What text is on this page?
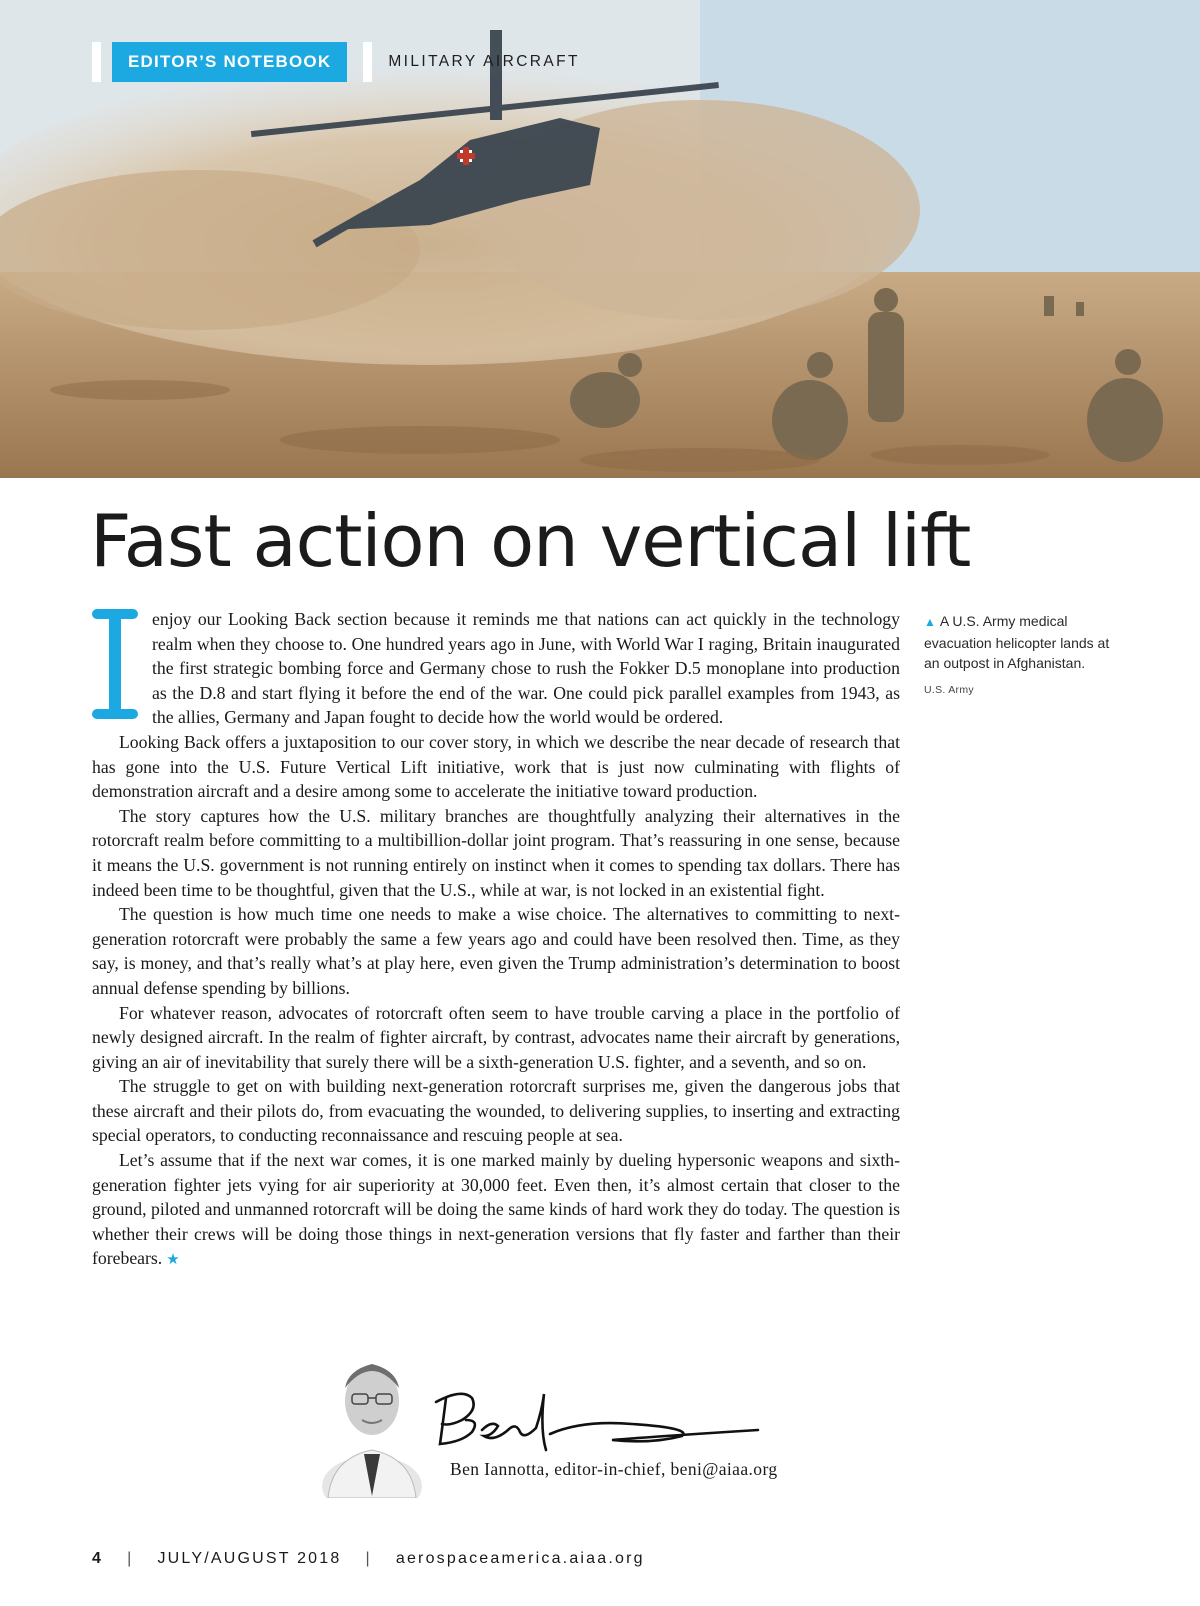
EDITOR’S NOTEBOOK	MILITARY AIRCRAFT
Fast action on vertical lift

enjoy our Looking Back section because it reminds me that nations can act quickly in the technology realm when they choose to. One hundred years ago in June, with World War I raging, Britain inaugurated the first strategic bombing force and Germany chose to rush the Fokker D.5 monoplane into production as the D.8 and start flying it before the end of the war. One could pick parallel examples from 1943, as the allies, Germany and Japan fought to decide how the world would be ordered.

Looking Back offers a juxtaposition to our cover story, in which we describe the near decade of research that has gone into the U.S. Future Vertical Lift initiative, work that is just now culminating with flights of demonstration aircraft and a desire among some to accelerate the initiative toward production.

The story captures how the U.S. military branches are thoughtfully analyzing their alternatives in the rotorcraft realm before committing to a multibillion-dollar joint program. That’s reassuring in one sense, because it means the U.S. government is not running entirely on instinct when it comes to spending tax dollars. There has indeed been time to be thoughtful, given that the U.S., while at war, is not locked in an existential fight.

The question is how much time one needs to make a wise choice. The alternatives to committing to next-generation rotorcraft were probably the same a few years ago and could have been resolved then. Time, as they say, is money, and that’s really what’s at play here, even given the Trump administration’s determination to boost annual defense spending by billions.

For whatever reason, advocates of rotorcraft often seem to have trouble carving a place in the portfolio of newly designed aircraft. In the realm of fighter aircraft, by contrast, advocates name their aircraft by generations, giving an air of inevitability that surely there will be a sixth-generation U.S. fighter, and a seventh, and so on.

The struggle to get on with building next-generation rotorcraft surprises me, given the dangerous jobs that these aircraft and their pilots do, from evacuating the wounded, to delivering supplies, to inserting and extracting special operators, to conducting reconnaissance and rescuing people at sea.

Let’s assume that if the next war comes, it is one marked mainly by dueling hypersonic weapons and sixth-generation fighter jets vying for air superiority at 30,000 feet. Even then, it’s almost certain that closer to the ground, piloted and unmanned rotorcraft will be doing the same kinds of hard work they do today. The question is whether their crews will be doing those things in next-generation versions that fly faster and farther than their forebears. ★

▲ A U.S. Army medical evacuation helicopter lands at an outpost in Afghanistan.
U.S. Army
Ben Iannotta, editor-in-chief, beni@aiaa.org
4 | JULY/AUGUST 2018 | aerospaceamerica.aiaa.org
